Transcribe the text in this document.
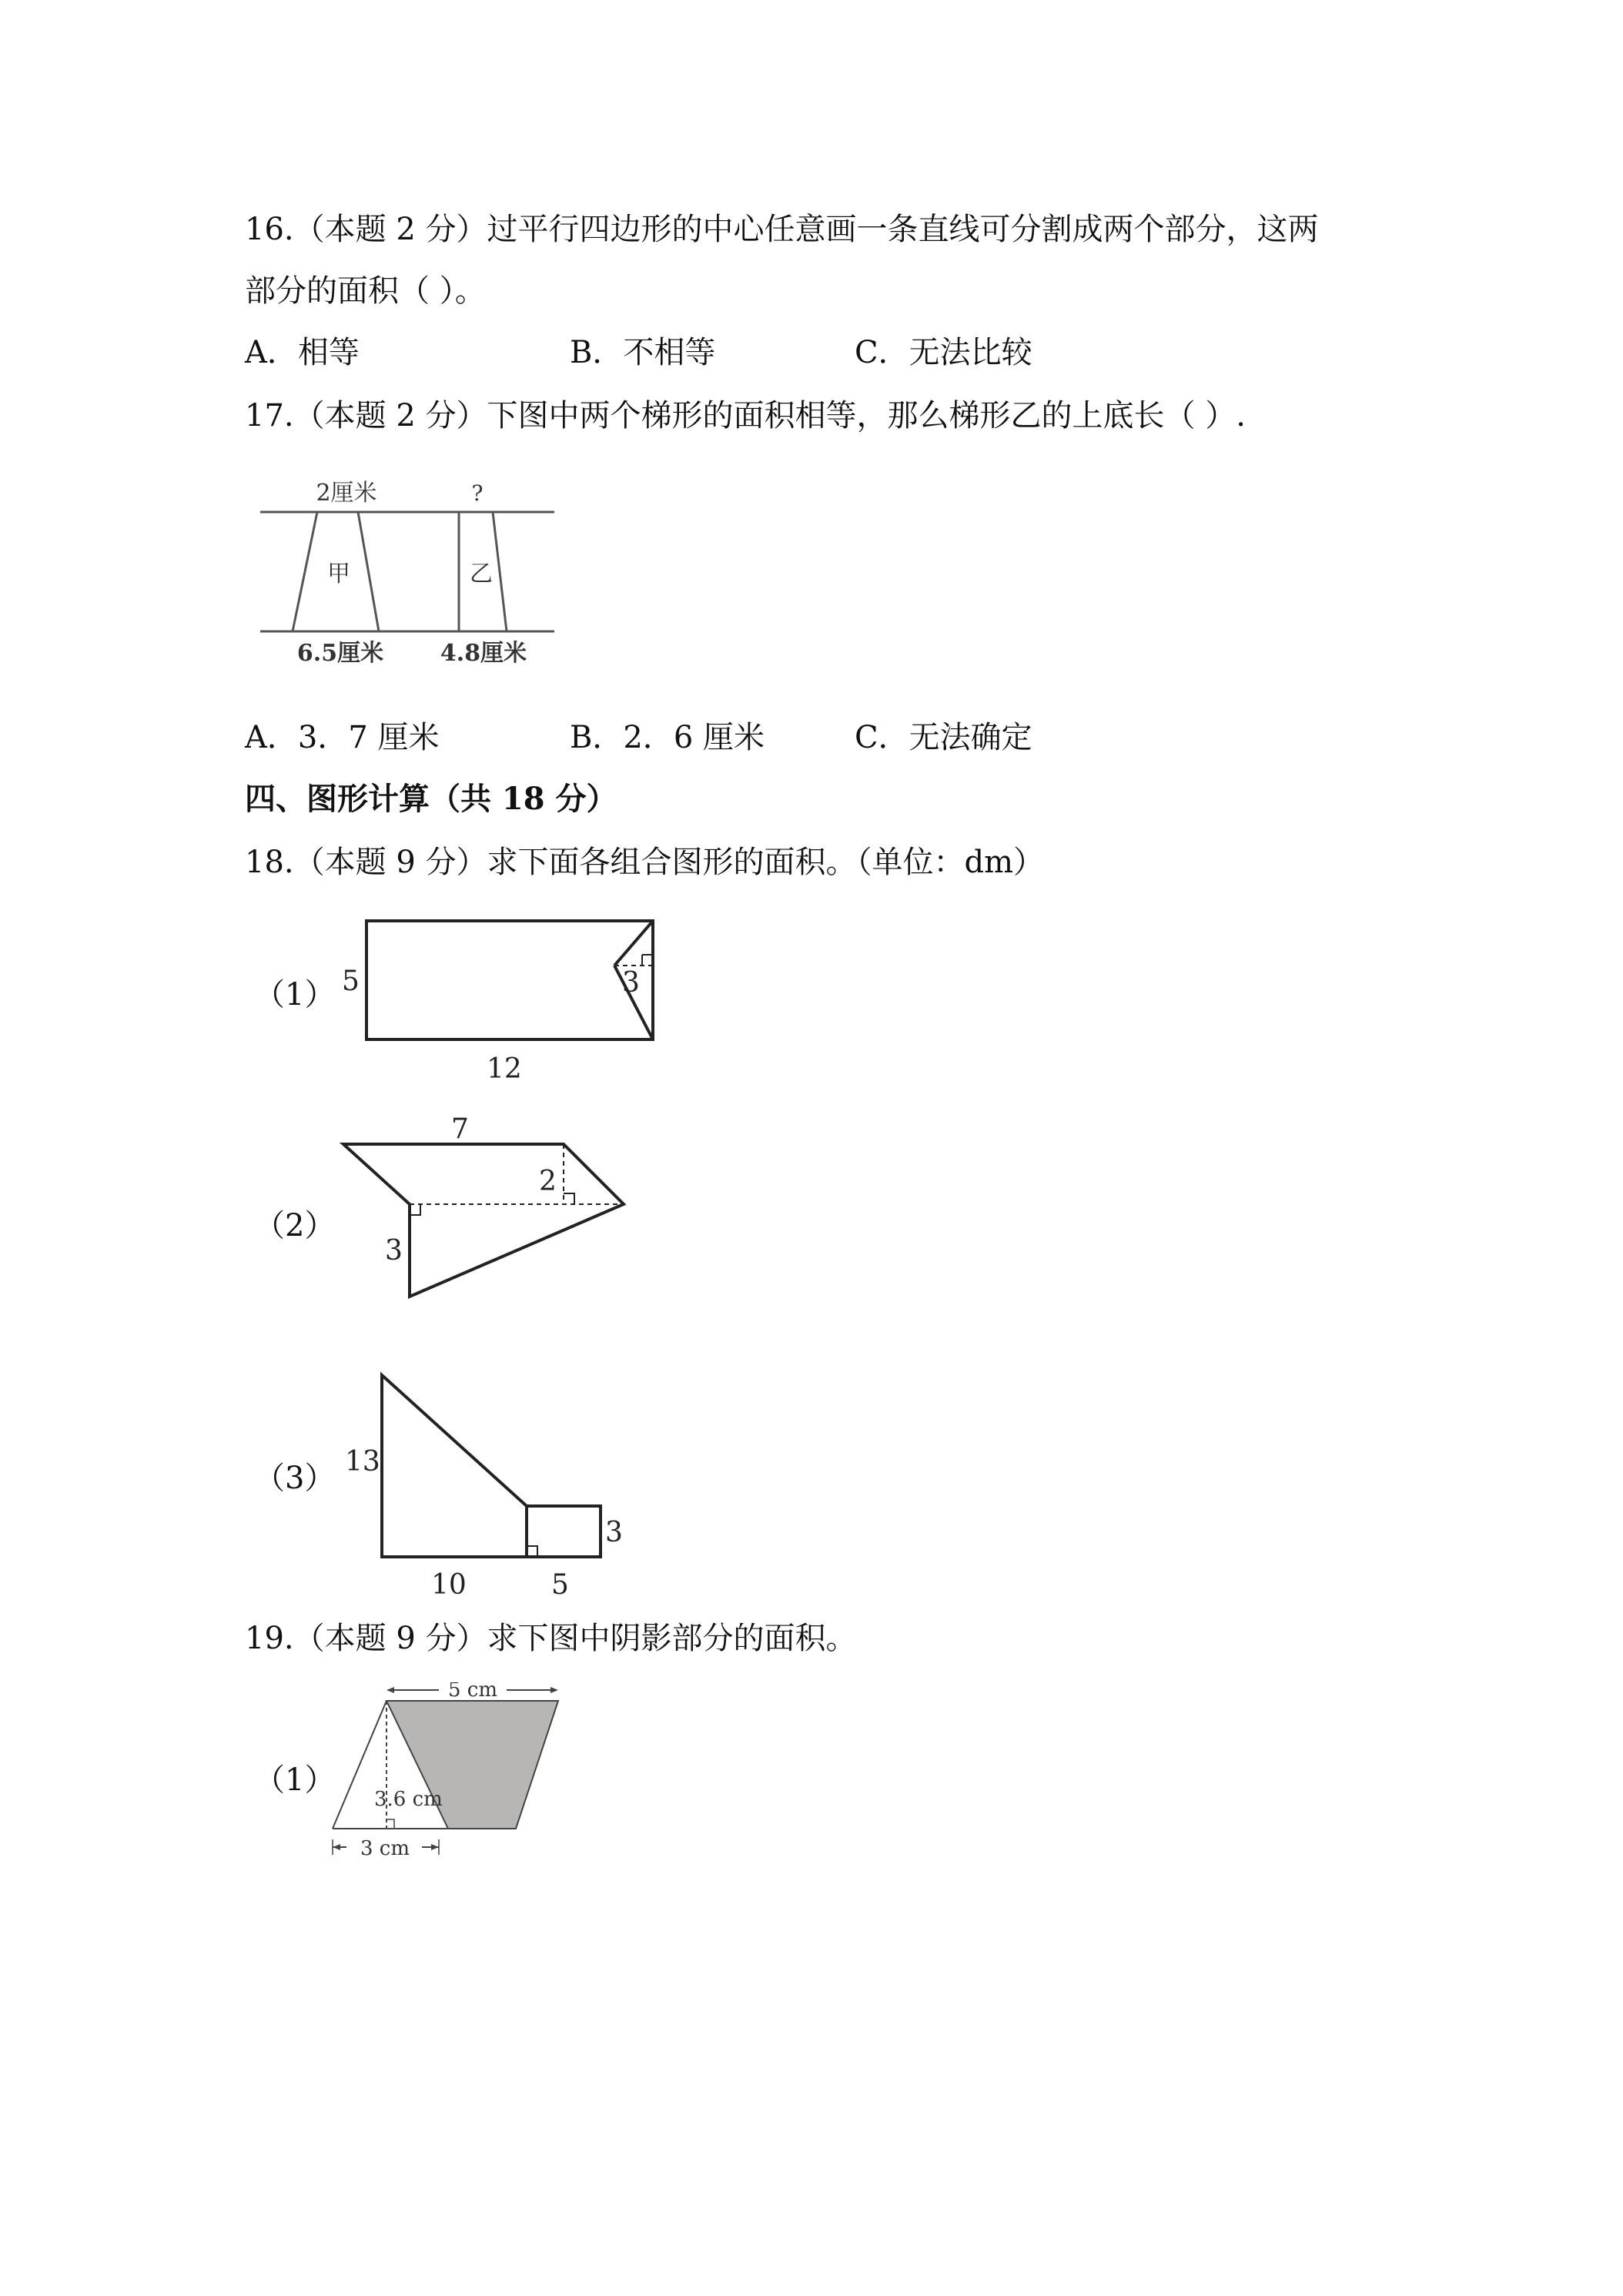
16.（本题 2 分）过平行四边形的中心任意画一条直线可分割成两个部分，这两
部分的面积（ ）。
A．相等	B．不相等	C．无法比较
17.（本题 2 分）下图中两个梯形的面积相等，那么梯形乙的上底长（ ）.
2厘米	?
甲	乙
6.5厘米 4.8厘米
A．3．7 厘米	B．2．6 厘米	C．无法确定
四、图形计算（共 18 分）
18.（本题 9 分）求下面各组合图形的面积。（单位：dm）
（1） 5	3
12
（2）
7
2
3
（3） 13
3
10	5
19.（本题 9 分）求下图中阴影部分的面积。
（1）
5 cm
3.6 cm
3 cm
